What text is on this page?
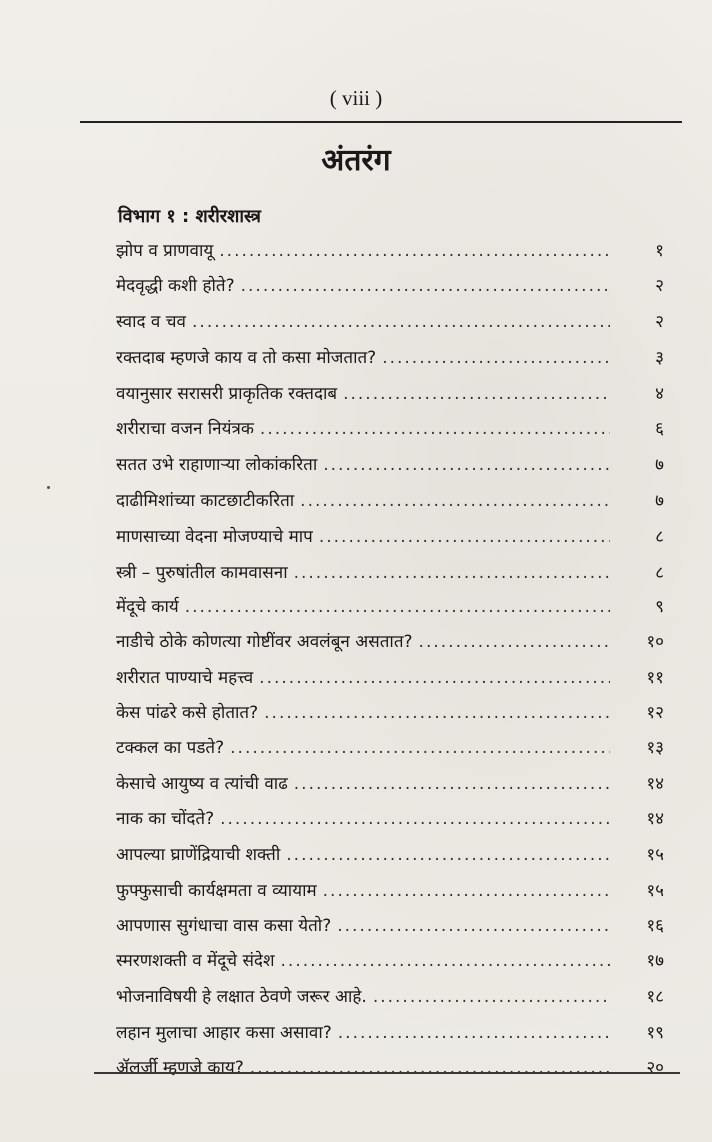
( viii )
अंतरंग
विभाग १ : शरीरशास्त्र
झोप व प्राणवायू .....	१
मेदवृद्धी कशी होते? .....	२
स्वाद व चव .....	२
रक्तदाब म्हणजे काय व तो कसा मोजतात? .....	३
वयानुसार सरासरी प्राकृतिक रक्तदाब .....	४
शरीराचा वजन नियंत्रक .....	६
सतत उभे राहाणाऱ्या लोकांकरिता .....	७
दाढीमिशांच्या काटछाटीकरिता .....	७
माणसाच्या वेदना मोजण्याचे माप .....	८
स्त्री – पुरुषांतील कामवासना .....	८
मेंदूचे कार्य .....	९
नाडीचे ठोके कोणत्या गोष्टींवर अवलंबून असतात? .....	१०
शरीरात पाण्याचे महत्त्व .....	११
केस पांढरे कसे होतात? .....	१२
टक्कल का पडते? .....	१३
केसाचे आयुष्य व त्यांची वाढ .....	१४
नाक का चोंदते? .....	१४
आपल्या घ्राणेंद्रियाची शक्ती .....	१५
फुफ्फुसाची कार्यक्षमता व व्यायाम .....	१५
आपणास सुगंधाचा वास कसा येतो? .....	१६
स्मरणशक्ती व मेंदूचे संदेश .....	१७
भोजनाविषयी हे लक्षात ठेवणे जरूर आहे. .....	१८
लहान मुलाचा आहार कसा असावा? .....	१९
ॲलर्जी म्हणजे काय? .....	२०
